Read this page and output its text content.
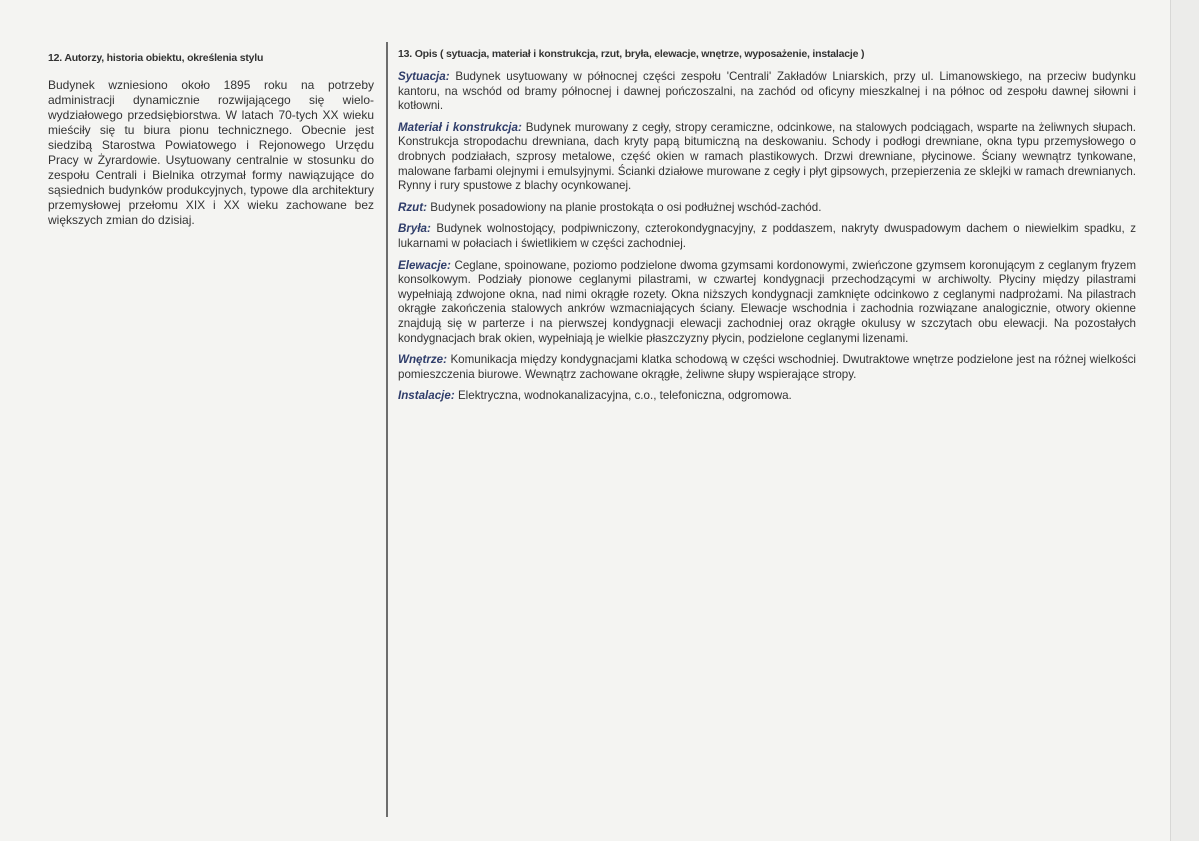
12. Autorzy, historia obiektu, określenia stylu

Budynek wzniesiono około 1895 roku na potrzeby administracji dynamicznie rozwijającego się wielo-wydziałowego przedsiębiorstwa. W latach 70-tych XX wieku mieściły się tu biura pionu technicznego. Obecnie jest siedzibą Starostwa Powiatowego i Rejonowego Urzędu Pracy w Żyrardowie. Usytuowany centralnie w stosunku do zespołu Centrali i Bielnika otrzymał formy nawiązujące do sąsiednich budynków produkcyjnych, typowe dla architektury przemysłowej przełomu XIX i XX wieku zachowane bez większych zmian do dzisiaj.

13. Opis ( sytuacja, materiał i konstrukcja, rzut, bryła, elewacje, wnętrze, wyposażenie, instalacje )

Sytuacja: Budynek usytuowany w północnej części zespołu 'Centrali' Zakładów Lniarskich, przy ul. Limanowskiego, na przeciw budynku kantoru, na wschód od bramy północnej i dawnej pończoszalni, na zachód od oficyny mieszkalnej i na północ od zespołu dawnej siłowni i kotłowni.

Materiał i konstrukcja: Budynek murowany z cegły, stropy ceramiczne, odcinkowe, na stalowych podciągach, wsparte na żeliwnych słupach. Konstrukcja stropodachu drewniana, dach kryty papą bitumiczną na deskowaniu. Schody i podłogi drewniane, okna typu przemysłowego o drobnych podziałach, szprosy metalowe, część okien w ramach plastikowych. Drzwi drewniane, płycinowe. Ściany wewnątrz tynkowane, malowane farbami olejnymi i emulsyjnymi. Ścianki działowe murowane z cegły i płyt gipsowych, przepierzenia ze sklejki w ramach drewnianych. Rynny i rury spustowe z blachy ocynkowanej.

Rzut: Budynek posadowiony na planie prostokąta o osi podłużnej wschód-zachód.

Bryła: Budynek wolnostojący, podpiwniczony, czterokondygnacyjny, z poddaszem, nakryty dwuspadowym dachem o niewielkim spadku, z lukarnami w połaciach i świetlikiem w części zachodniej.

Elewacje: Ceglane, spoinowane, poziomo podzielone dwoma gzymsami kordonowymi, zwieńczone gzymsem koronującym z ceglanym fryzem konsolkowym. Podziały pionowe ceglanymi pilastrami, w czwartej kondygnacji przechodzącymi w archiwolty. Płyciny między pilastrami wypełniają zdwojone okna, nad nimi okrągłe rozety. Okna niższych kondygnacji zamknięte odcinkowo z ceglanymi nadprożami. Na pilastrach okrągłe zakończenia stalowych ankrów wzmacniających ściany. Elewacje wschodnia i zachodnia rozwiązane analogicznie, otwory okienne znajdują się w parterze i na pierwszej kondygnacji elewacji zachodniej oraz okrągłe okulusy w szczytach obu elewacji. Na pozostałych kondygnacjach brak okien, wypełniają je wielkie płaszczyzny płycin, podzielone ceglanymi lizenami.

Wnętrze: Komunikacja między kondygnacjami klatka schodową w części wschodniej. Dwutraktowe wnętrze podzielone jest na różnej wielkości pomieszczenia biurowe. Wewnątrz zachowane okrągłe, żeliwne słupy wspierające stropy.

Instalacje: Elektryczna, wodnokanalizacyjna, c.o., telefoniczna, odgromowa.
